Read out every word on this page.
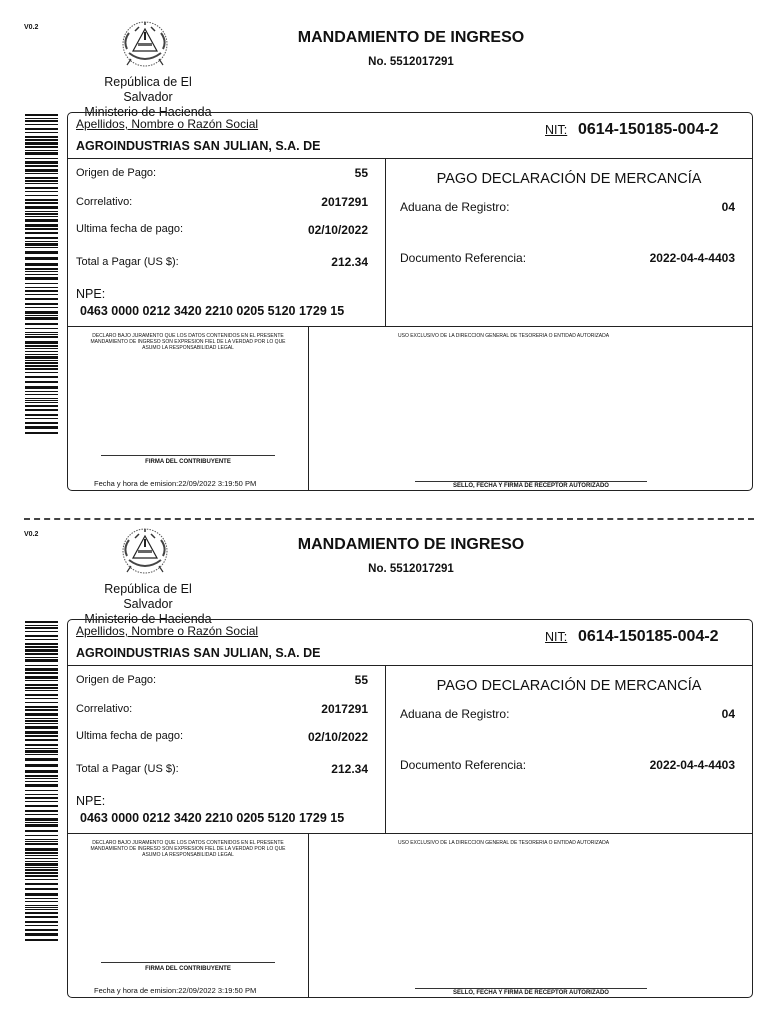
V0.2
República de El Salvador
Ministerio de Hacienda
MANDAMIENTO DE INGRESO
No. 5512017291
Apellidos, Nombre o Razón Social
AGROINDUSTRIAS SAN JULIAN, S.A. DE
NIT: 0614-150185-004-2
Origen de Pago:	55
Correlativo:	2017291
Ultima fecha de pago:	02/10/2022
Total a Pagar (US $):	212.34
NPE:
0463 0000 0212 3420 2210 0205 5120 1729 15
PAGO DECLARACIÓN DE MERCANCÍA
Aduana de Registro:	04
Documento Referencia:	2022-04-4-4403
DECLARO BAJO JURAMENTO QUE LOS DATOS CONTENIDOS EN EL PRESENTE MANDAMIENTO DE INGRESO SON EXPRESION FIEL DE LA VERDAD POR LO QUE ASUMO LA RESPONSABILIDAD LEGAL
FIRMA DEL CONTRIBUYENTE
Fecha y hora de emision:22/09/2022 3:19:50 PM
USO EXCLUSIVO DE LA DIRECCION GENERAL DE TESORERIA O ENTIDAD AUTORIZADA
SELLO, FECHA Y FIRMA DE RECEPTOR AUTORIZADO
V0.2
República de El Salvador
Ministerio de Hacienda
MANDAMIENTO DE INGRESO
No. 5512017291
Apellidos, Nombre o Razón Social
AGROINDUSTRIAS SAN JULIAN, S.A. DE
NIT: 0614-150185-004-2
Origen de Pago:	55
Correlativo:	2017291
Ultima fecha de pago:	02/10/2022
Total a Pagar (US $):	212.34
NPE:
0463 0000 0212 3420 2210 0205 5120 1729 15
PAGO DECLARACIÓN DE MERCANCÍA
Aduana de Registro:	04
Documento Referencia:	2022-04-4-4403
DECLARO BAJO JURAMENTO QUE LOS DATOS CONTENIDOS EN EL PRESENTE MANDAMIENTO DE INGRESO SON EXPRESION FIEL DE LA VERDAD POR LO QUE ASUMO LA RESPONSABILIDAD LEGAL
FIRMA DEL CONTRIBUYENTE
Fecha y hora de emision:22/09/2022 3:19:50 PM
USO EXCLUSIVO DE LA DIRECCION GENERAL DE TESORERIA O ENTIDAD AUTORIZADA
SELLO, FECHA Y FIRMA DE RECEPTOR AUTORIZADO
